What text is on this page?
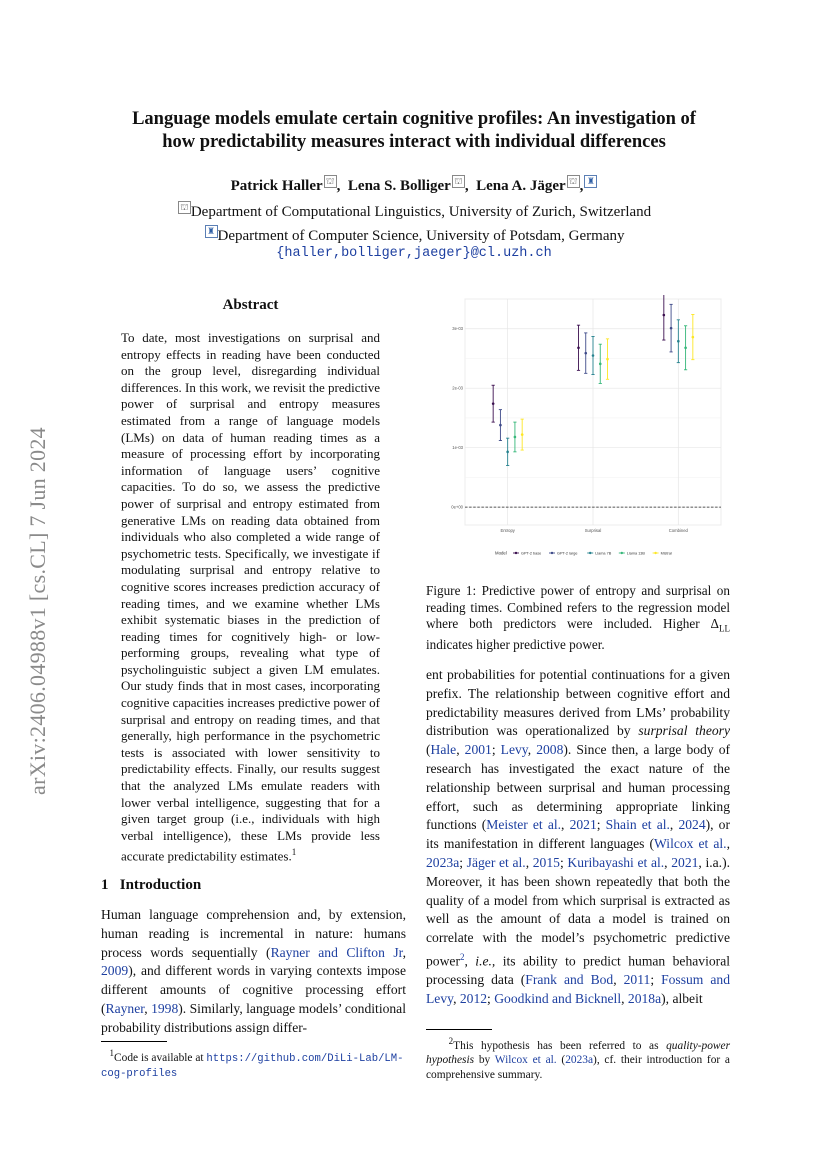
arXiv:2406.04988v1 [cs.CL] 7 Jun 2024
Language models emulate certain cognitive profiles: An investigation of
how predictability measures interact with individual differences
Patrick Haller ⛫ ,  Lena S. Bolliger ⛫ ,  Lena A. Jäger ⛫ , ♜
⛫ Department of Computational Linguistics, University of Zurich, Switzerland
♜ Department of Computer Science, University of Potsdam, Germany
{haller,bolliger,jaeger}@cl.uzh.ch
Abstract
To date, most investigations on surprisal and entropy effects in reading have been conducted on the group level, disregarding individual differences. In this work, we revisit the predictive power of surprisal and entropy measures estimated from a range of language models (LMs) on data of human reading times as a measure of processing effort by incorporating information of language users’ cognitive capacities. To do so, we assess the predictive power of surprisal and entropy estimated from generative LMs on reading data obtained from individuals who also completed a wide range of psychometric tests. Specifically, we investigate if modulating surprisal and entropy relative to cognitive scores increases prediction accuracy of reading times, and we examine whether LMs exhibit systematic biases in the prediction of reading times for cognitively high- or low-performing groups, revealing what type of psycholinguistic subject a given LM emulates. Our study finds that in most cases, incorporating cognitive capacities increases predictive power of surprisal and entropy on reading times, and that generally, high performance in the psychometric tests is associated with lower sensitivity to predictability effects. Finally, our results suggest that the analyzed LMs emulate readers with lower verbal intelligence, suggesting that for a given target group (i.e., individuals with high verbal intelligence), these LMs provide less accurate predictability estimates.$^1$
1 Introduction
Human language comprehension and, by extension, human reading is incremental in nature: humans process words sequentially (Rayner and Clifton Jr, 2009), and different words in varying contexts impose different amounts of cognitive processing effort (Rayner, 1998). Similarly, language models’ conditional probability distributions assign differ-
$^1$Code is available at https://github.com/DiLi-Lab/LM-cog-profiles
0e+00
1e-03
2e-03
3e-03
Entropy	Surprisal	Combined
Model	GPT-2 base	GPT-2 large	Llama 7B	Llama 13B	Mistral
Figure 1: Predictive power of entropy and surprisal on reading times. Combined refers to the regression model where both predictors were included. Higher $\Delta_{LL}$ indicates higher predictive power.
ent probabilities for potential continuations for a given prefix. The relationship between cognitive effort and predictability measures derived from LMs’ probability distribution was operationalized by surprisal theory (Hale, 2001; Levy, 2008). Since then, a large body of research has investigated the exact nature of the relationship between surprisal and human processing effort, such as determining appropriate linking functions (Meister et al., 2021; Shain et al., 2024), or its manifestation in different languages (Wilcox et al., 2023a; Jäger et al., 2015; Kuribayashi et al., 2021, i.a.). Moreover, it has been shown repeatedly that both the quality of a model from which surprisal is extracted as well as the amount of data a model is trained on correlate with the model’s psychometric predictive power$^2$, i.e., its ability to predict human behavioral processing data (Frank and Bod, 2011; Fossum and Levy, 2012; Goodkind and Bicknell, 2018a), albeit
$^2$This hypothesis has been referred to as quality-power hypothesis by Wilcox et al. (2023a), cf. their introduction for a comprehensive summary.
